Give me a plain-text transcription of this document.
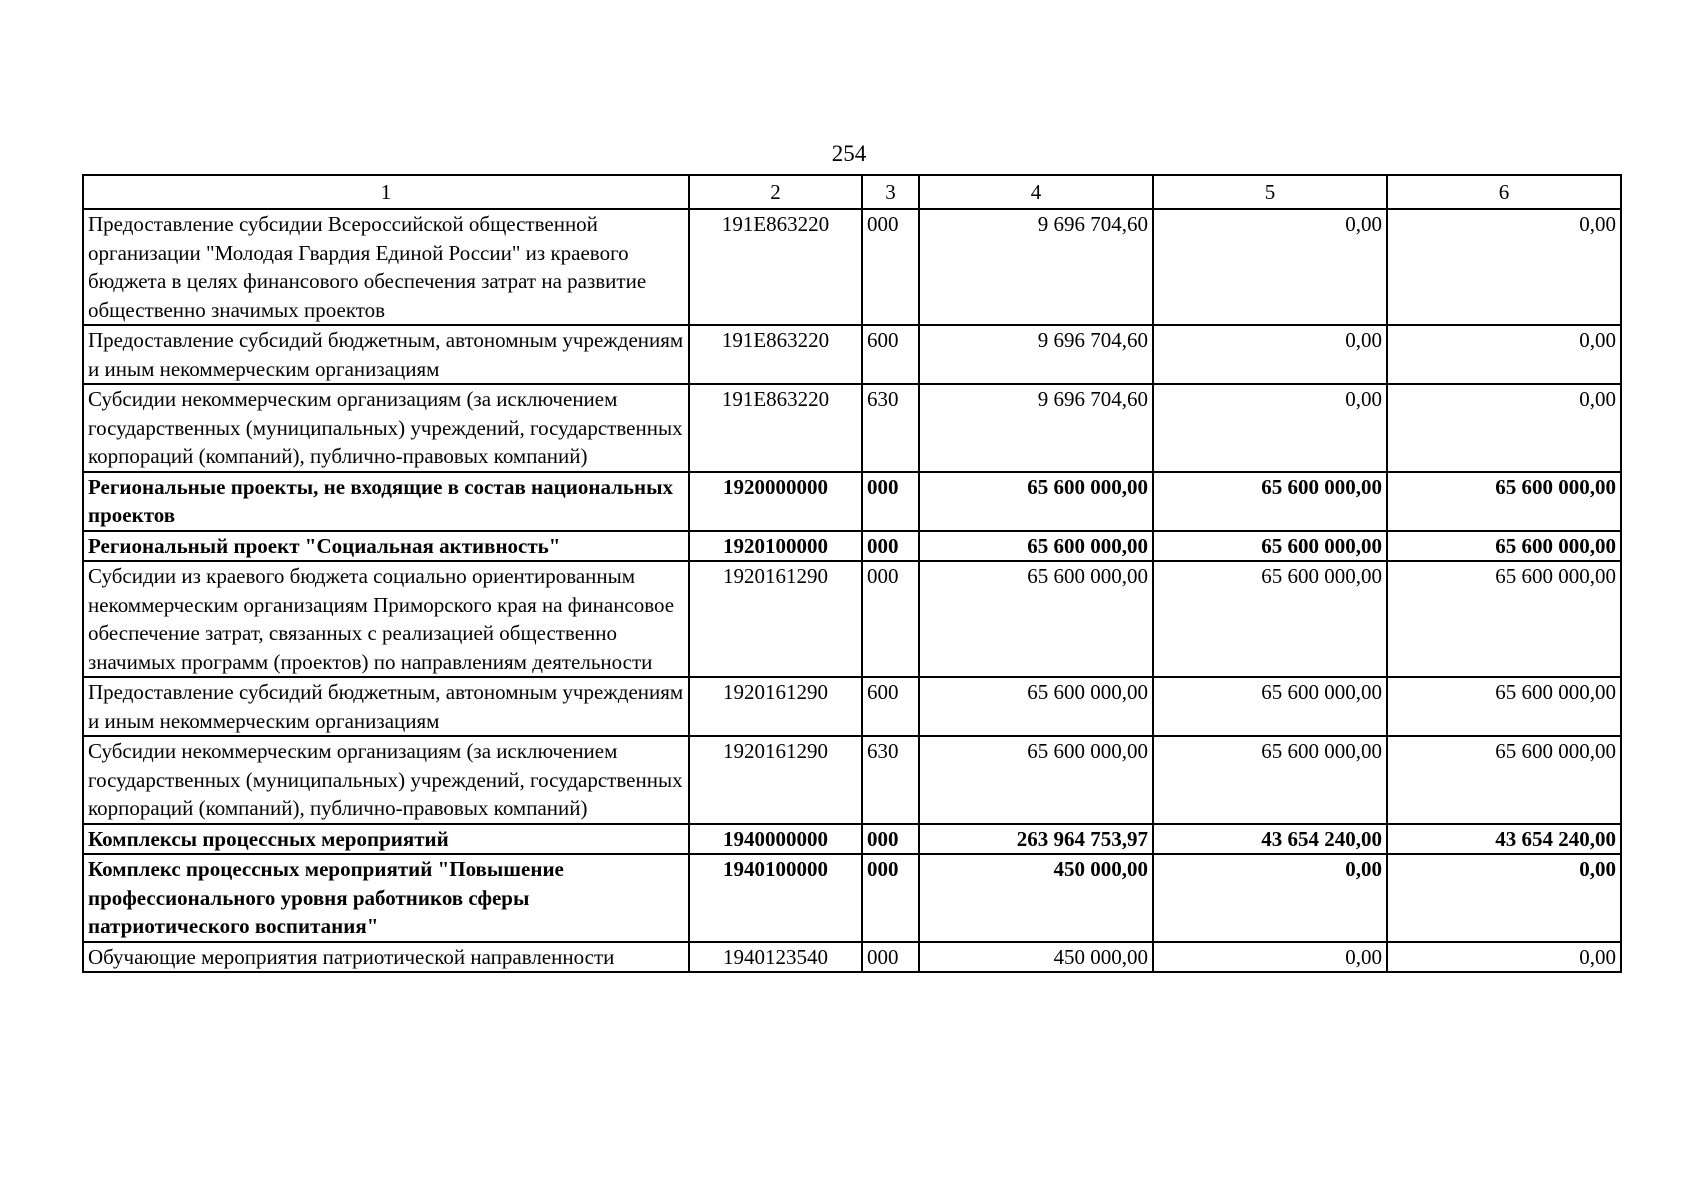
254
1	2	3	4	5	6
Предоставление субсидии Всероссийской общественной организации "Молодая Гвардия Единой России" из краевого бюджета в целях финансового обеспечения затрат на развитие общественно значимых проектов	191E863220	000	9 696 704,60	0,00	0,00
Предоставление субсидий бюджетным, автономным учреждениям и иным некоммерческим организациям	191E863220	600	9 696 704,60	0,00	0,00
Субсидии некоммерческим организациям (за исключением государственных (муниципальных) учреждений, государственных корпораций (компаний), публично-правовых компаний)	191E863220	630	9 696 704,60	0,00	0,00
Региональные проекты, не входящие в состав национальных проектов	1920000000	000	65 600 000,00	65 600 000,00	65 600 000,00
Региональный проект "Социальная активность"	1920100000	000	65 600 000,00	65 600 000,00	65 600 000,00
Субсидии из краевого бюджета социально ориентированным некоммерческим организациям Приморского края на финансовое обеспечение затрат, связанных с реализацией общественно значимых программ (проектов) по направлениям деятельности	1920161290	000	65 600 000,00	65 600 000,00	65 600 000,00
Предоставление субсидий бюджетным, автономным учреждениям и иным некоммерческим организациям	1920161290	600	65 600 000,00	65 600 000,00	65 600 000,00
Субсидии некоммерческим организациям (за исключением государственных (муниципальных) учреждений, государственных корпораций (компаний), публично-правовых компаний)	1920161290	630	65 600 000,00	65 600 000,00	65 600 000,00
Комплексы процессных мероприятий	1940000000	000	263 964 753,97	43 654 240,00	43 654 240,00
Комплекс процессных мероприятий "Повышение профессионального уровня работников сферы патриотического воспитания"	1940100000	000	450 000,00	0,00	0,00
Обучающие мероприятия патриотической направленности	1940123540	000	450 000,00	0,00	0,00
